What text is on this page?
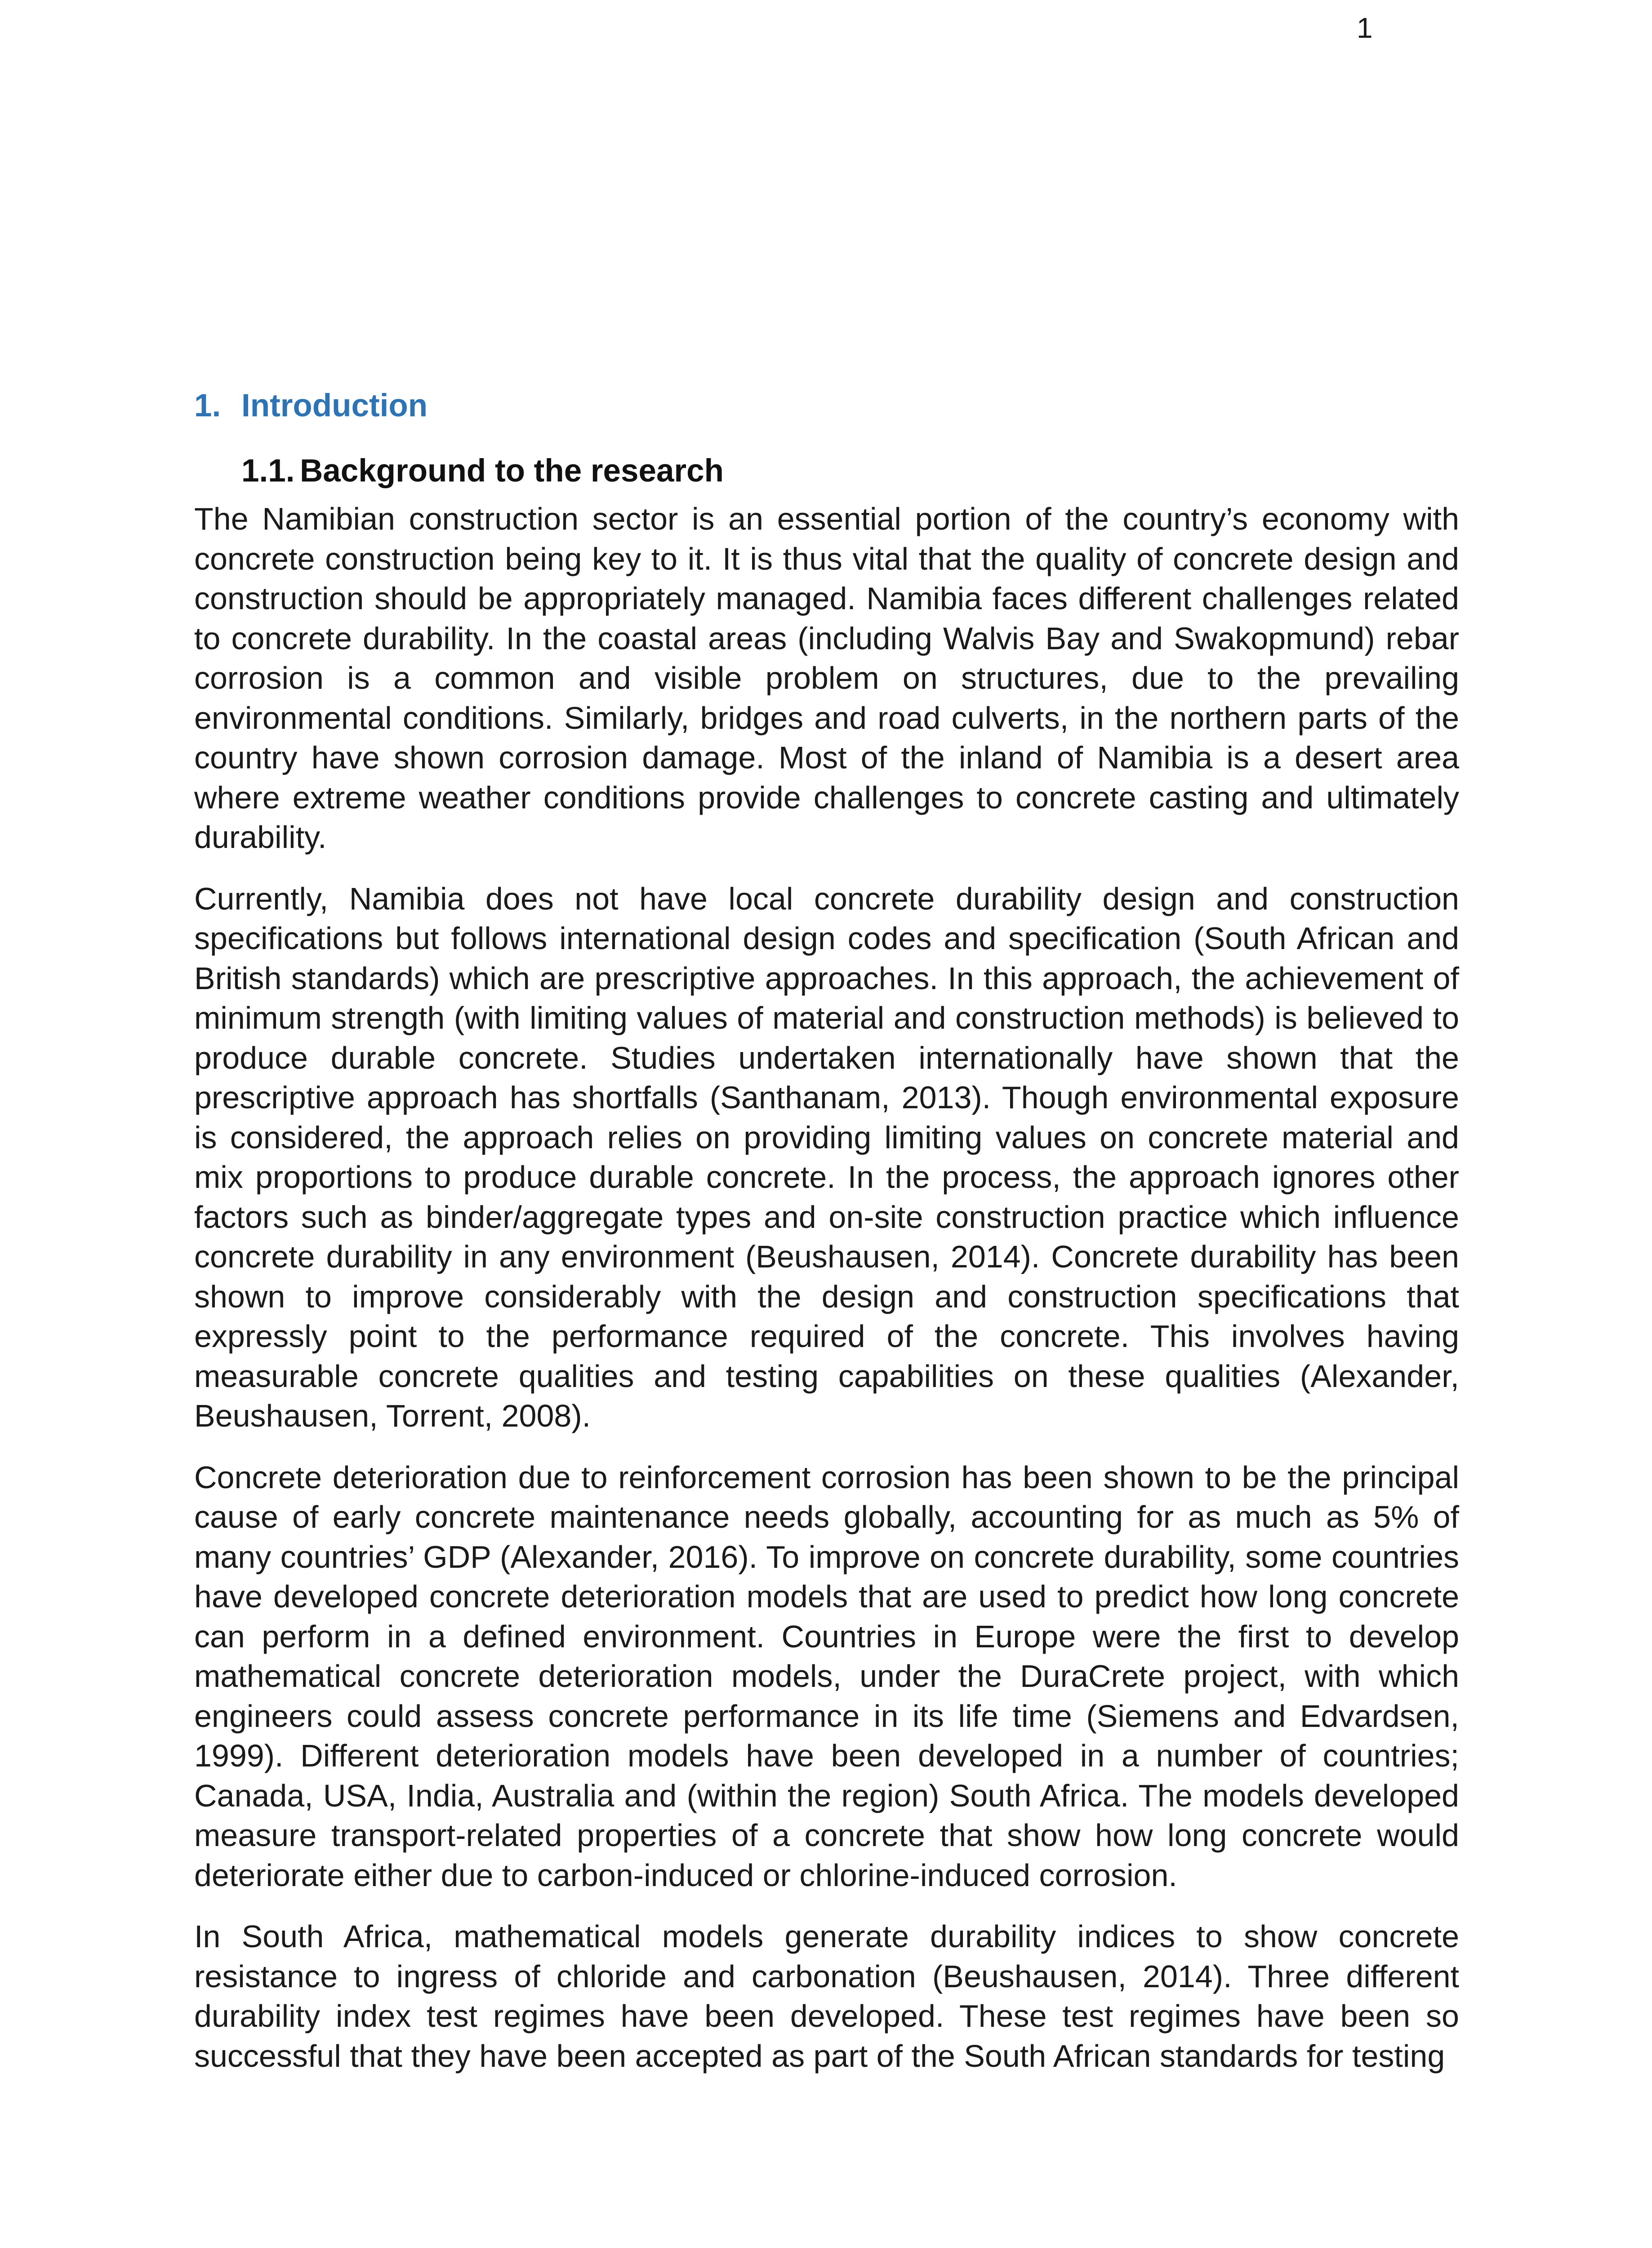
1
1. Introduction
1.1. Background to the research

The Namibian construction sector is an essential portion of the country’s economy with concrete construction being key to it. It is thus vital that the quality of concrete design and construction should be appropriately managed. Namibia faces different challenges related to concrete durability. In the coastal areas (including Walvis Bay and Swakopmund) rebar corrosion is a common and visible problem on structures, due to the prevailing environmental conditions. Similarly, bridges and road culverts, in the northern parts of the country have shown corrosion damage. Most of the inland of Namibia is a desert area where extreme weather conditions provide challenges to concrete casting and ultimately durability.

Currently, Namibia does not have local concrete durability design and construction specifications but follows international design codes and specification (South African and British standards) which are prescriptive approaches. In this approach, the achievement of minimum strength (with limiting values of material and construction methods) is believed to produce durable concrete. Studies undertaken internationally have shown that the prescriptive approach has shortfalls (Santhanam, 2013). Though environmental exposure is considered, the approach relies on providing limiting values on concrete material and mix proportions to produce durable concrete. In the process, the approach ignores other factors such as binder/aggregate types and on-site construction practice which influence concrete durability in any environment (Beushausen, 2014). Concrete durability has been shown to improve considerably with the design and construction specifications that expressly point to the performance required of the concrete. This involves having measurable concrete qualities and testing capabilities on these qualities (Alexander, Beushausen, Torrent, 2008).

Concrete deterioration due to reinforcement corrosion has been shown to be the principal cause of early concrete maintenance needs globally, accounting for as much as 5% of many countries’ GDP (Alexander, 2016). To improve on concrete durability, some countries have developed concrete deterioration models that are used to predict how long concrete can perform in a defined environment. Countries in Europe were the first to develop mathematical concrete deterioration models, under the DuraCrete project, with which engineers could assess concrete performance in its life time (Siemens and Edvardsen, 1999). Different deterioration models have been developed in a number of countries; Canada, USA, India, Australia and (within the region) South Africa. The models developed measure transport-related properties of a concrete that show how long concrete would deteriorate either due to carbon-induced or chlorine-induced corrosion.

In South Africa, mathematical models generate durability indices to show concrete resistance to ingress of chloride and carbonation (Beushausen, 2014). Three different durability index test regimes have been developed. These test regimes have been so successful that they have been accepted as part of the South African standards for testing
